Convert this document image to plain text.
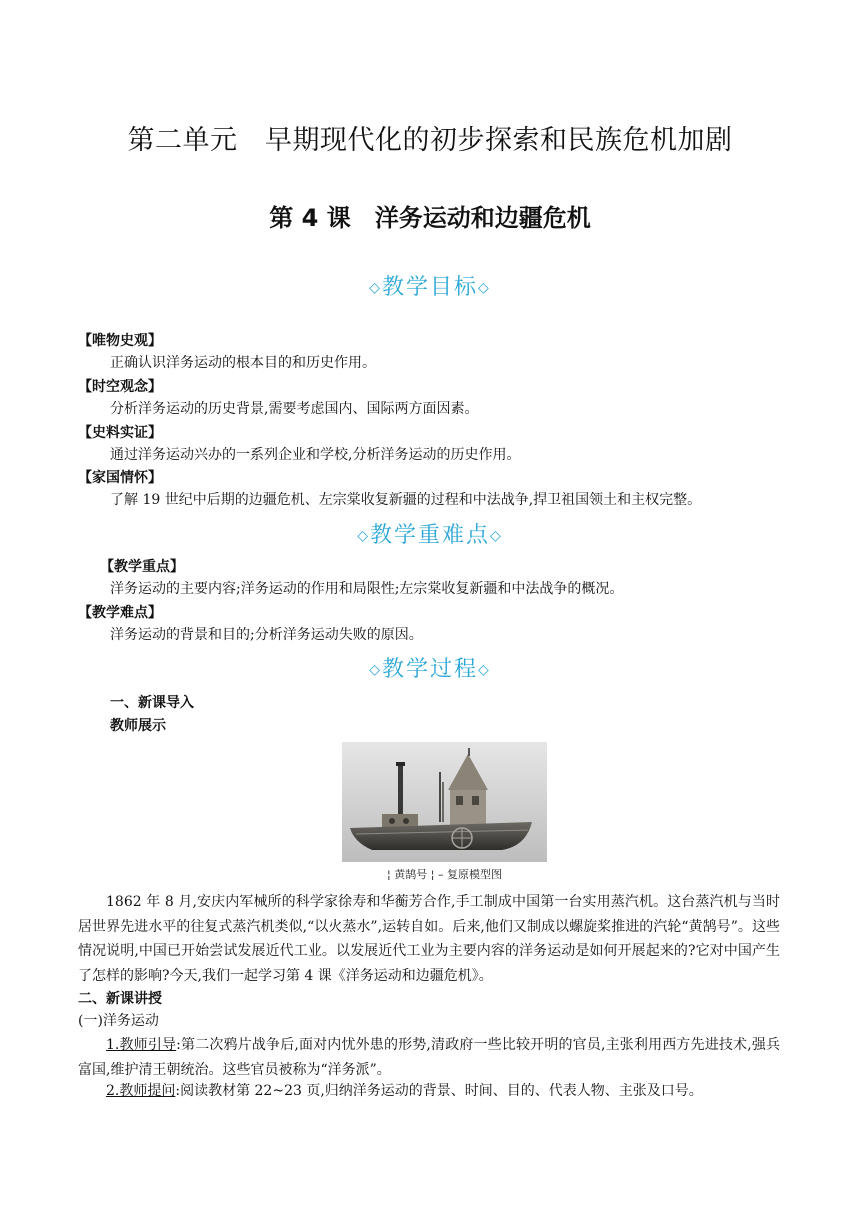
第二单元　早期现代化的初步探索和民族危机加剧
第 4 课　洋务运动和边疆危机
◇教学目标◇
【唯物史观】
正确认识洋务运动的根本目的和历史作用。
【时空观念】
分析洋务运动的历史背景,需要考虑国内、国际两方面因素。
【史料实证】
通过洋务运动兴办的一系列企业和学校,分析洋务运动的历史作用。
【家国情怀】
了解 19 世纪中后期的边疆危机、左宗棠收复新疆的过程和中法战争,捍卫祖国领土和主权完整。
◇教学重难点◇
【教学重点】
洋务运动的主要内容;洋务运动的作用和局限性;左宗棠收复新疆和中法战争的概况。
【教学难点】
洋务运动的背景和目的;分析洋务运动失败的原因。
◇教学过程◇
一、新课导入
教师展示
¦ 黄鹄号 ¦ – 复原模型图
1862 年 8 月,安庆内军械所的科学家徐寿和华蘅芳合作,手工制成中国第一台实用蒸汽机。这台蒸汽机与当时居世界先进水平的往复式蒸汽机类似,“以火蒸水”,运转自如。后来,他们又制成以螺旋桨推进的汽轮“黄鹄号”。这些情况说明,中国已开始尝试发展近代工业。以发展近代工业为主要内容的洋务运动是如何开展起来的?它对中国产生了怎样的影响?今天,我们一起学习第 4 课《洋务运动和边疆危机》。
二、新课讲授
(一)洋务运动
1.教师引导:第二次鸦片战争后,面对内忧外患的形势,清政府一些比较开明的官员,主张利用西方先进技术,强兵富国,维护清王朝统治。这些官员被称为“洋务派”。
2.教师提问:阅读教材第 22~23 页,归纳洋务运动的背景、时间、目的、代表人物、主张及口号。
